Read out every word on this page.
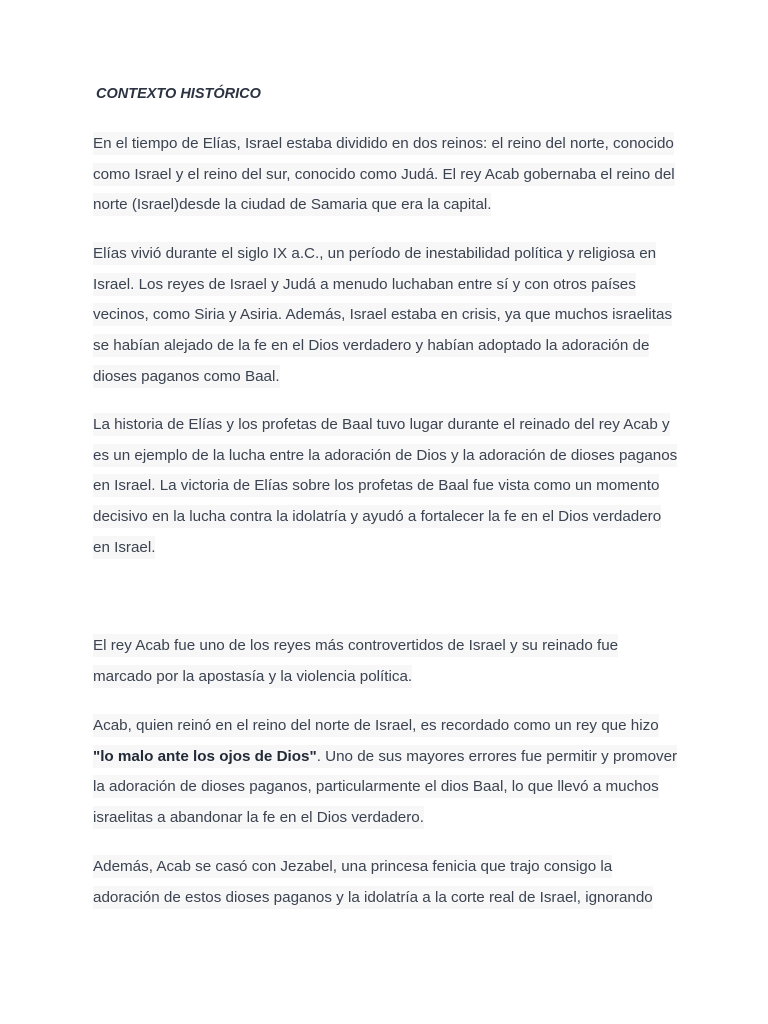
CONTEXTO HISTÓRICO

En el tiempo de Elías, Israel estaba dividido en dos reinos: el reino del norte, conocido como Israel y el reino del sur, conocido como Judá. El rey Acab gobernaba el reino del norte (Israel)desde la ciudad de Samaria que era la capital.

Elías vivió durante el siglo IX a.C., un período de inestabilidad política y religiosa en Israel. Los reyes de Israel y Judá a menudo luchaban entre sí y con otros países vecinos, como Siria y Asiria. Además, Israel estaba en crisis, ya que muchos israelitas se habían alejado de la fe en el Dios verdadero y habían adoptado la adoración de dioses paganos como Baal.

La historia de Elías y los profetas de Baal tuvo lugar durante el reinado del rey Acab y es un ejemplo de la lucha entre la adoración de Dios y la adoración de dioses paganos en Israel. La victoria de Elías sobre los profetas de Baal fue vista como un momento decisivo en la lucha contra la idolatría y ayudó a fortalecer la fe en el Dios verdadero en Israel.

El rey Acab fue uno de los reyes más controvertidos de Israel y su reinado fue marcado por la apostasía y la violencia política.

Acab, quien reinó en el reino del norte de Israel, es recordado como un rey que hizo "lo malo ante los ojos de Dios". Uno de sus mayores errores fue permitir y promover la adoración de dioses paganos, particularmente el dios Baal, lo que llevó a muchos israelitas a abandonar la fe en el Dios verdadero.

Además, Acab se casó con Jezabel, una princesa fenicia que trajo consigo la adoración de estos dioses paganos y la idolatría a la corte real de Israel, ignorando
